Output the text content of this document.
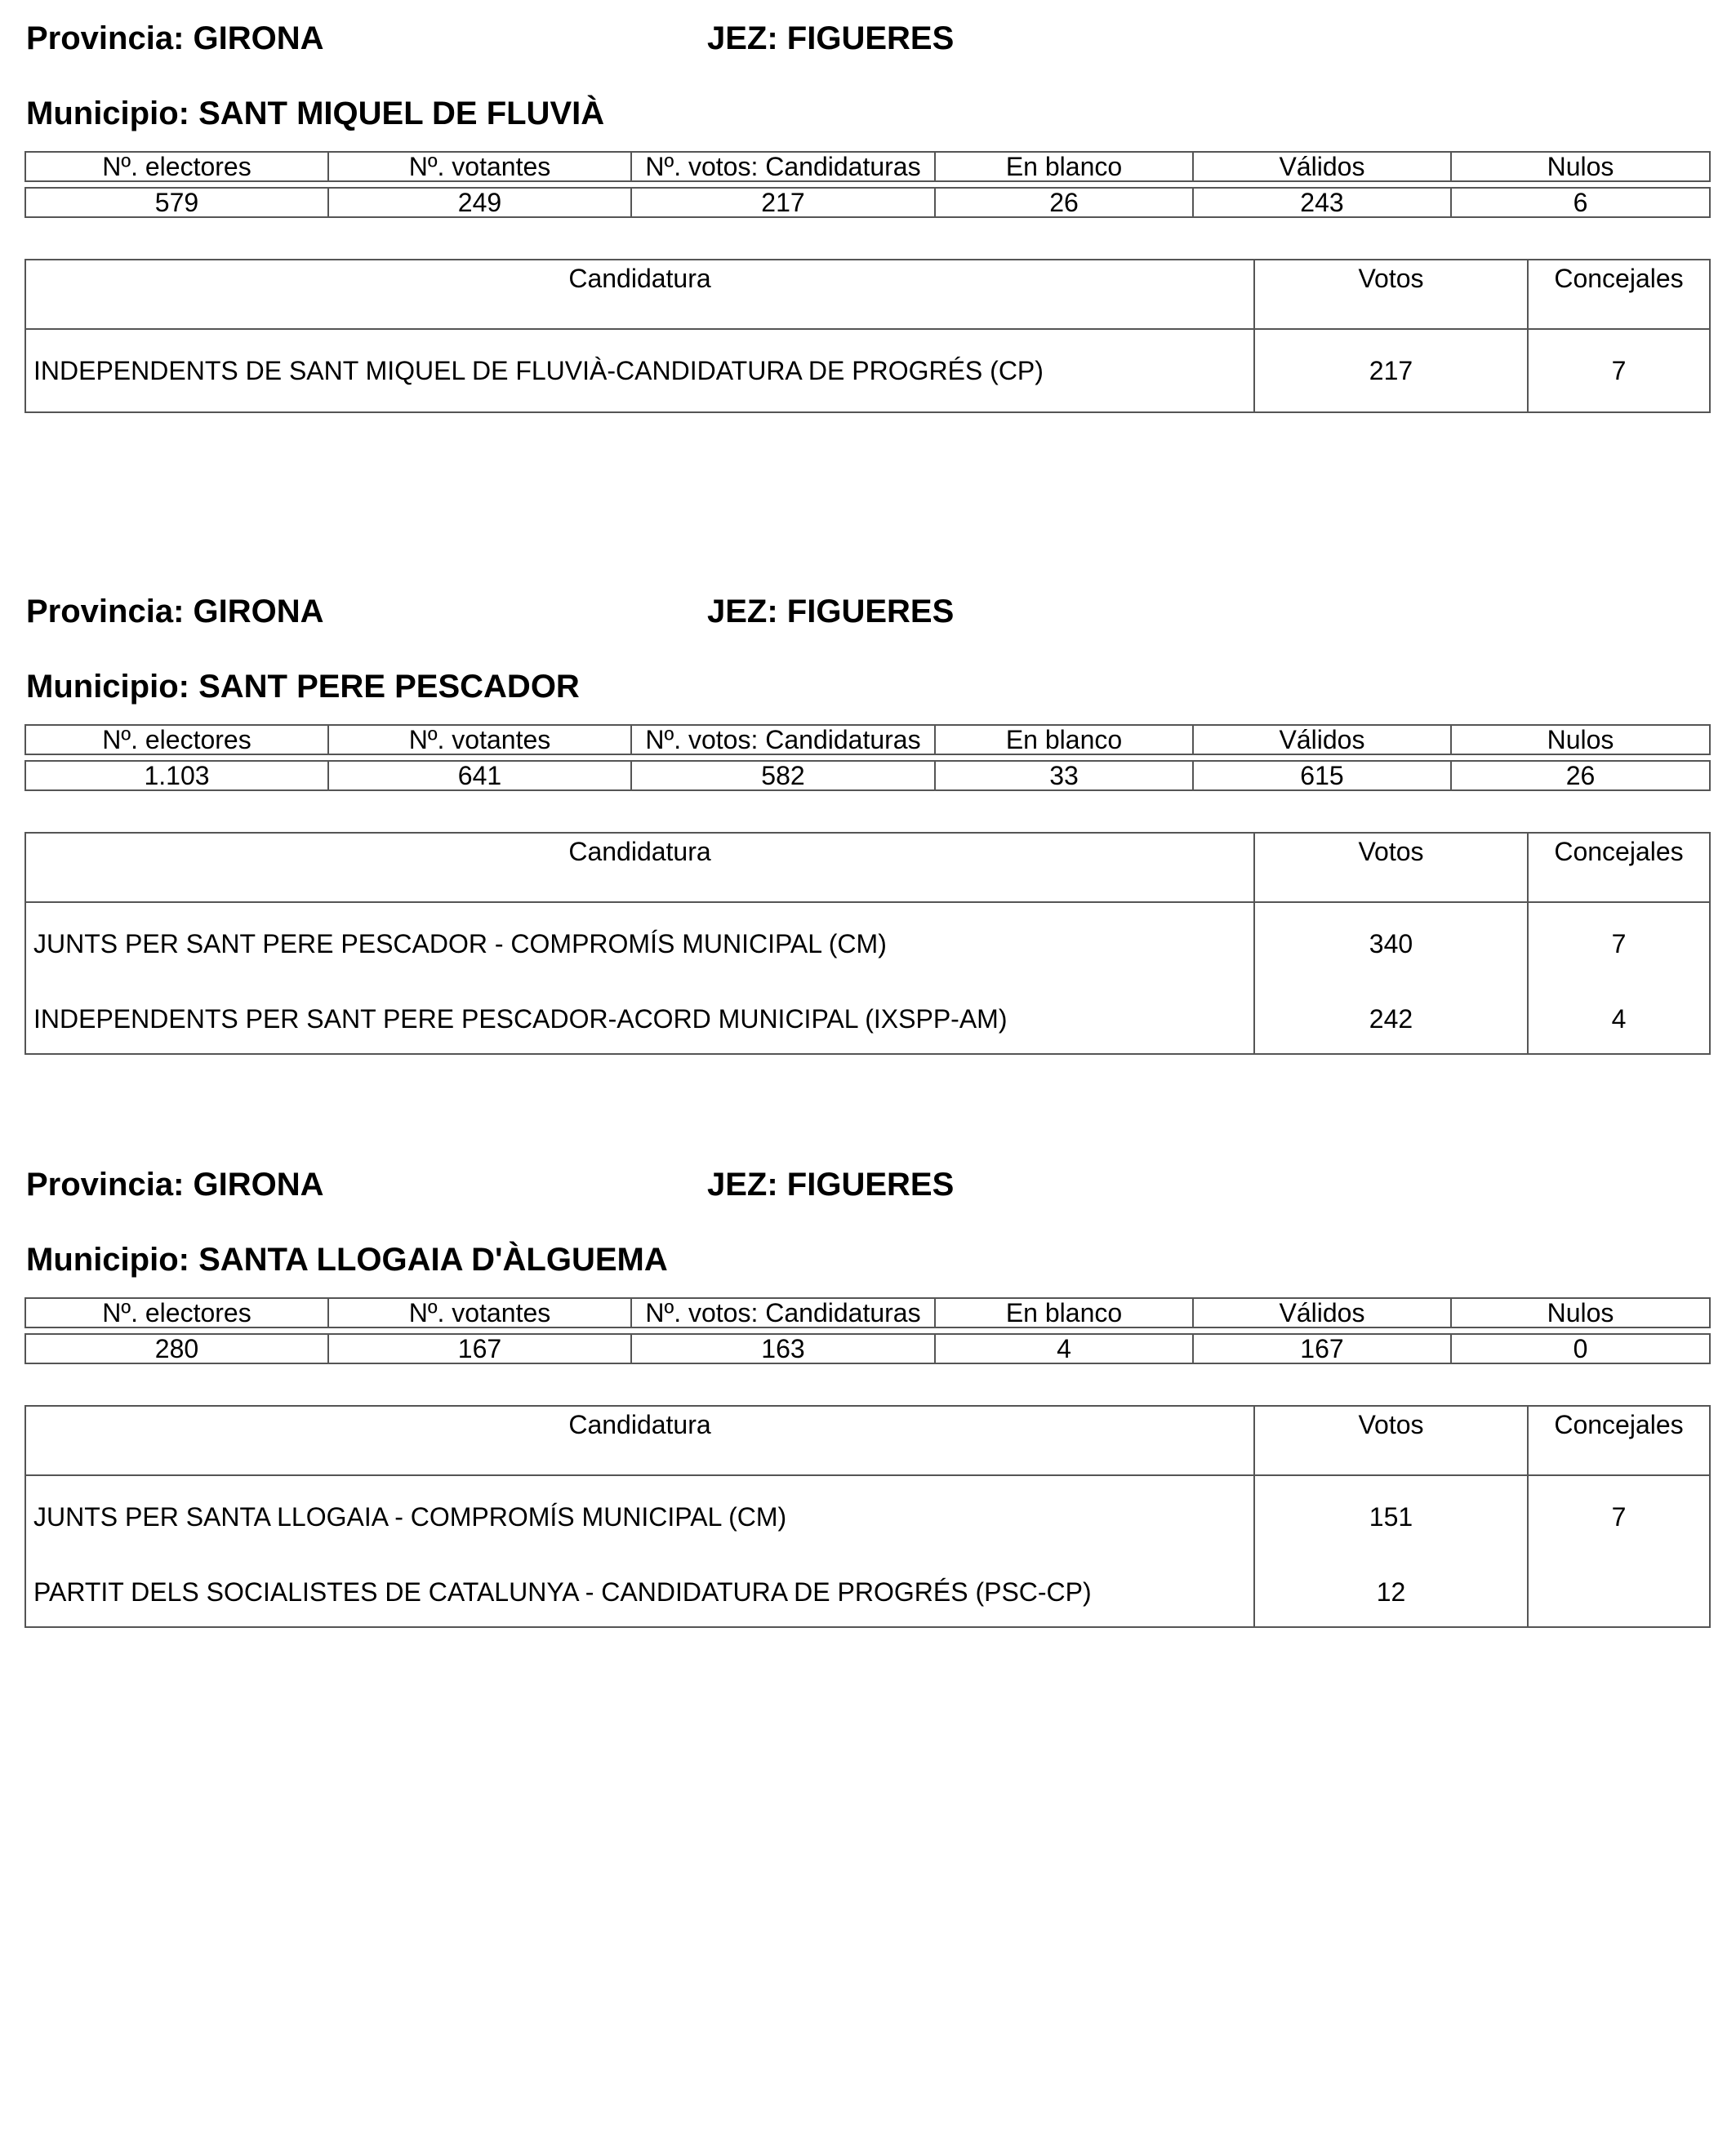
Provincia: GIRONA	JEZ: FIGUERES
Municipio: SANT MIQUEL DE FLUVIÀ
Nº. electores	Nº. votantes	Nº. votos: Candidaturas	En blanco	Válidos	Nulos

579	249	217	26	243	6
Candidatura	Votos	Concejales
INDEPENDENTS DE SANT MIQUEL DE FLUVIÀ-CANDIDATURA DE PROGRÉS (CP)	217	7
Provincia: GIRONA	JEZ: FIGUERES
Municipio: SANT PERE PESCADOR
Nº. electores	Nº. votantes	Nº. votos: Candidaturas	En blanco	Válidos	Nulos

1.103	641	582	33	615	26
Candidatura	Votos	Concejales
JUNTS PER SANT PERE PESCADOR - COMPROMÍS MUNICIPAL (CM)	340	7
INDEPENDENTS PER SANT PERE PESCADOR-ACORD MUNICIPAL (IXSPP-AM)	242	4
Provincia: GIRONA	JEZ: FIGUERES
Municipio: SANTA LLOGAIA D'ÀLGUEMA
Nº. electores	Nº. votantes	Nº. votos: Candidaturas	En blanco	Válidos	Nulos

280	167	163	4	167	0
Candidatura	Votos	Concejales
JUNTS PER SANTA LLOGAIA - COMPROMÍS MUNICIPAL (CM)	151	7
PARTIT DELS SOCIALISTES DE CATALUNYA - CANDIDATURA DE PROGRÉS (PSC-CP)	12	
